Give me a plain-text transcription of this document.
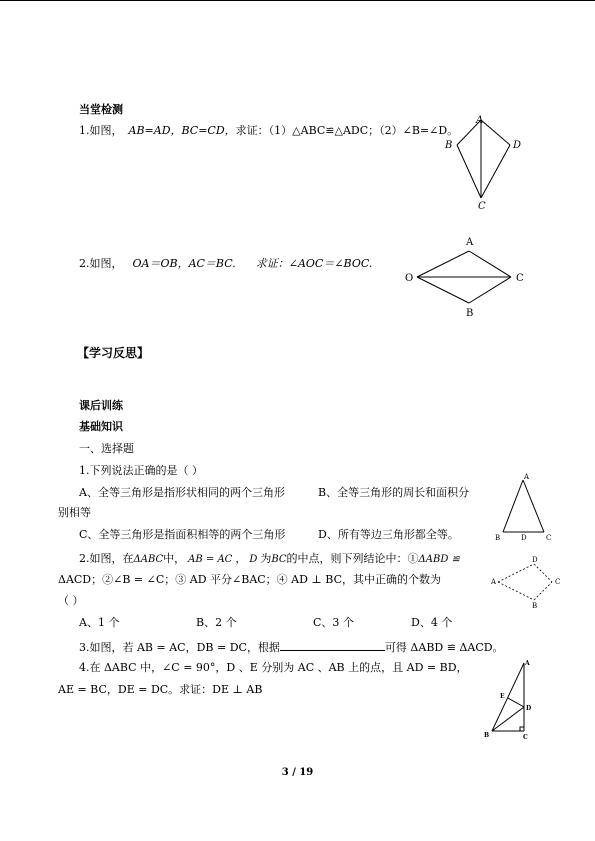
当堂检测
1.如图， AB=AD，BC=CD，求证：（1）△ABC≌△ADC；（2）∠B=∠D。
A
B
C
D
2.如图， OA＝OB，AC＝BC. 求证：∠AOC＝∠BOC.
A
O	C
B
【学习反思】
课后训练
基础知识
一、选择题
1.下列说法正确的是（ ）
A、全等三角形是指形状相同的两个三角形	B、全等三角形的周长和面积分
别相等
C、全等三角形是指面积相等的两个三角形	D、所有等边三角形都全等。
A
B	D	C
2.如图，在ΔABC中， AB = AC ， D 为BC的中点，则下列结论中：①ΔABD ≌
ΔACD；②∠B = ∠C；③ AD 平分∠BAC；④ AD ⊥ BC，其中正确的个数为
（ ）
D
A	C
B
A、1 个	B、2 个	C、3 个	D、4 个
3.如图，若 AB = AC，DB = DC，根据	可得 ΔABD ≌ ΔACD。
4.在 ΔABC 中，∠C = 90°，D 、E 分别为 AC 、AB 上的点，且 AD = BD，
AE = BC，DE = DC。求证：DE ⊥ AB
A
E
D
B	C
3 / 19
